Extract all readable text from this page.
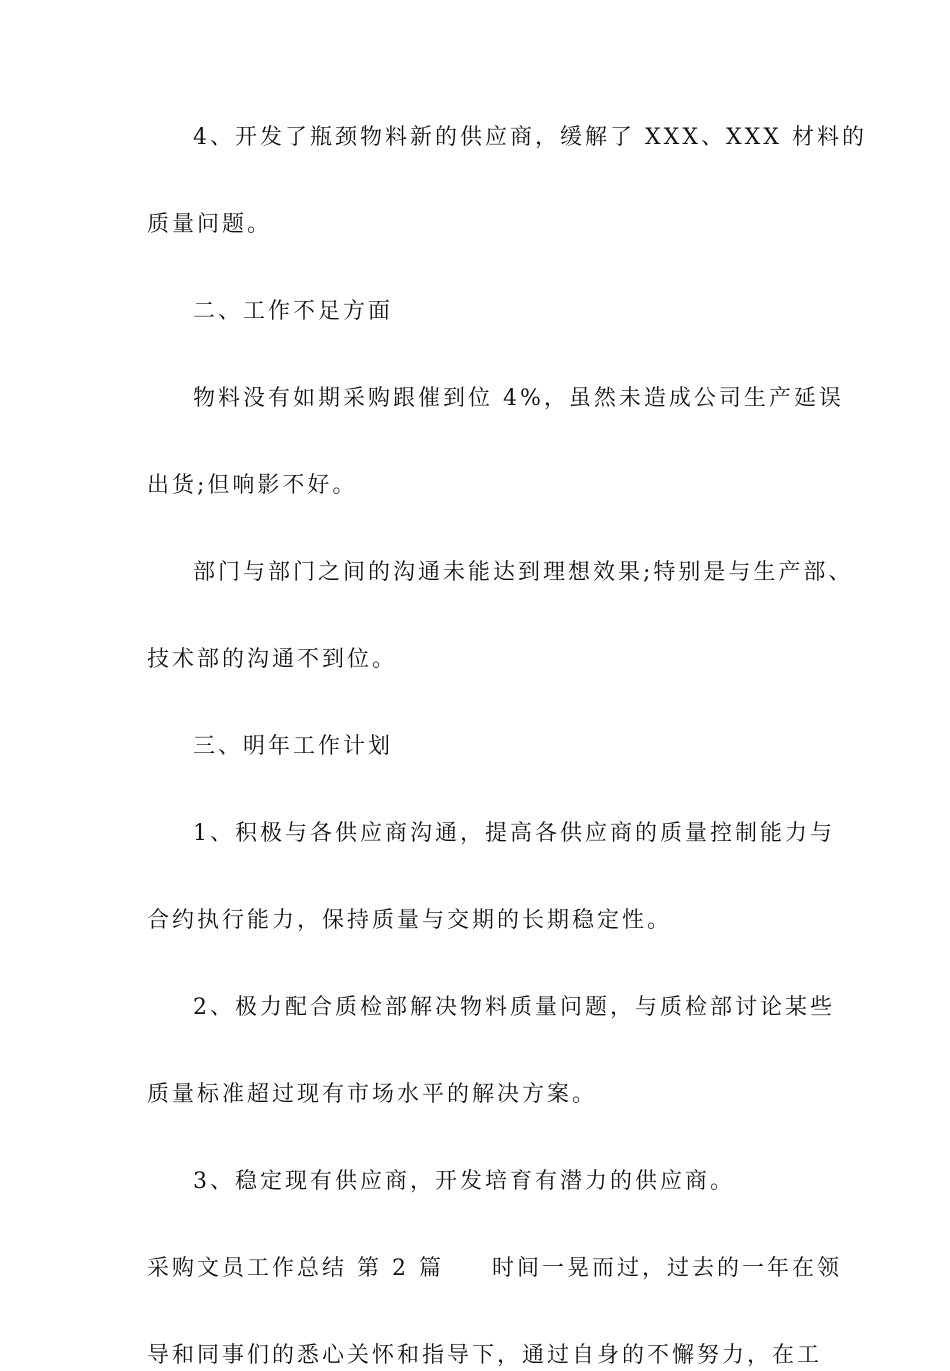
4、开发了瓶颈物料新的供应商，缓解了 XXX、XXX 材料的
质量问题。
二、工作不足方面
物料没有如期采购跟催到位 4%，虽然未造成公司生产延误
出货;但响影不好。
部门与部门之间的沟通未能达到理想效果;特别是与生产部、
技术部的沟通不到位。
三、明年工作计划
1、积极与各供应商沟通，提高各供应商的质量控制能力与
合约执行能力，保持质量与交期的长期稳定性。
2、极力配合质检部解决物料质量问题，与质检部讨论某些
质量标准超过现有市场水平的解决方案。
3、稳定现有供应商，开发培育有潜力的供应商。
采购文员工作总结 第 2 篇 时间一晃而过，过去的一年在领
导和同事们的悉心关怀和指导下，通过自身的不懈努力，在工
